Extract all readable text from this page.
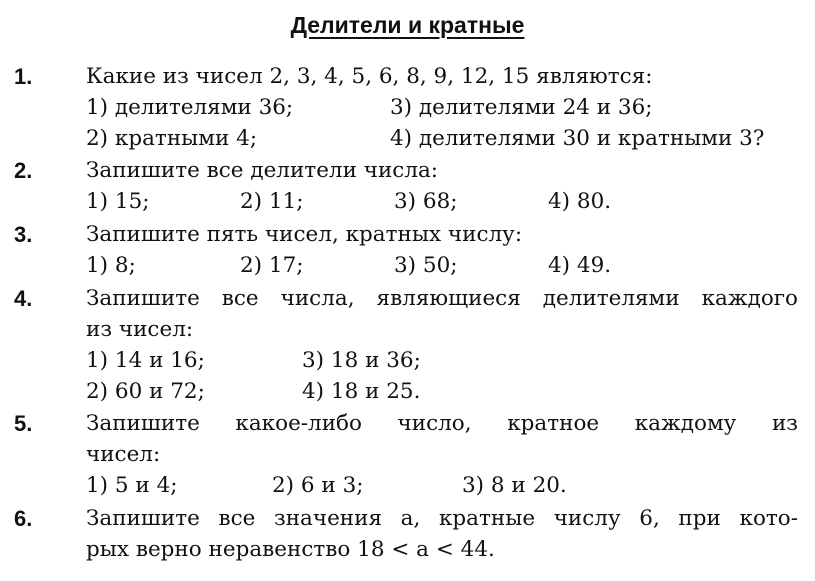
Делители и кратные
1. Какие из чисел 2, 3, 4, 5, 6, 8, 9, 12, 15 являются:
1) делителями 36;	3) делителями 24 и 36;
2) кратными 4;	4) делителями 30 и кратными 3?
2. Запишите все делители числа:
1) 15;	2) 11;	3) 68;	4) 80.
3. Запишите пять чисел, кратных числу:
1) 8;	2) 17;	3) 50;	4) 49.
4. Запишите все числа, являющиеся делителями каждого
из чисел:
1) 14 и 16;	3) 18 и 36;
2) 60 и 72;	4) 18 и 25.
5. Запишите какое-либо число, кратное каждому из
чисел:
1) 5 и 4;	2) 6 и 3;	3) 8 и 20.
6. Запишите все значения a, кратные числу 6, при кото-
рых верно неравенство 18 < a < 44.
